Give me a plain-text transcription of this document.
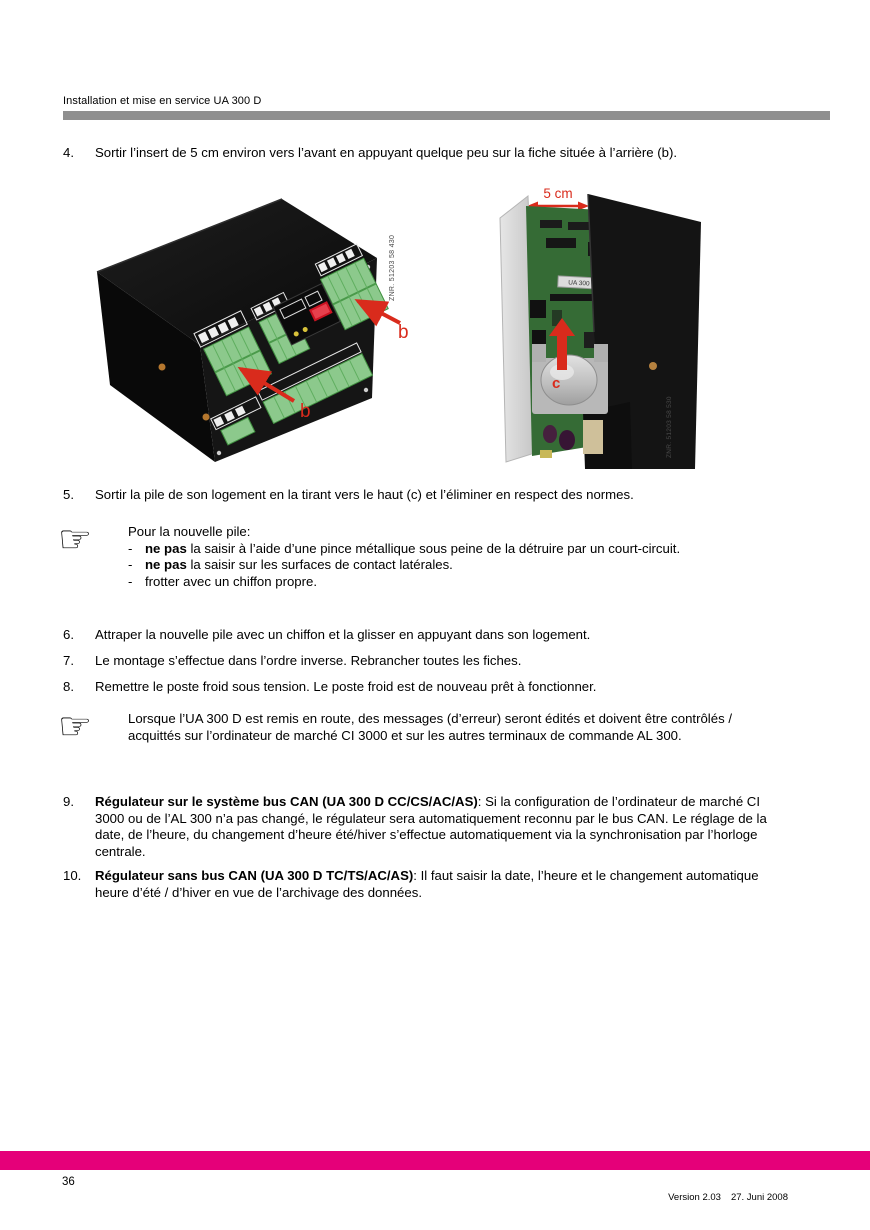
Installation et mise en service UA 300 D
4.	Sortir l’insert de 5 cm environ vers l’avant en appuyant quelque peu sur la fiche située à l’arrière (b).
b
b
ZNR. 51203 58 430
5 cm
UA 300
c
ZNR. 51203 58 530
5.	Sortir la pile de son logement en la tirant vers le haut (c) et l’éliminer en respect des normes.
☞	Pour la nouvelle pile:
- ne pas la saisir à l’aide d’une pince métallique sous peine de la détruire par un court-circuit.
- ne pas la saisir sur les surfaces de contact latérales.
- frotter avec un chiffon propre.
6.	Attraper la nouvelle pile avec un chiffon et la glisser en appuyant dans son logement.
7.	Le montage s’effectue dans l’ordre inverse. Rebrancher toutes les fiches.
8.	Remettre le poste froid sous tension. Le poste froid est de nouveau prêt à fonctionner.
☞	Lorsque l’UA 300 D est remis en route, des messages (d’erreur) seront édités et doivent être contrôlés / acquittés sur l’ordinateur de marché CI 3000 et sur les autres terminaux de commande AL 300.
9.	Régulateur sur le système bus CAN (UA 300 D CC/CS/AC/AS): Si la configuration de l’ordinateur de marché CI 3000 ou de l’AL 300 n’a pas changé, le régulateur sera automatiquement reconnu par le bus CAN. Le réglage de la date, de l’heure, du changement d’heure été/hiver s’effectue automatiquement via la synchronisation par l’horloge centrale.
10.	Régulateur sans bus CAN (UA 300 D TC/TS/AC/AS): Il faut saisir la date, l’heure et le changement automatique heure d’été / d’hiver en vue de l’archivage des données.
36

Version 2.03 27. Juni 2008
